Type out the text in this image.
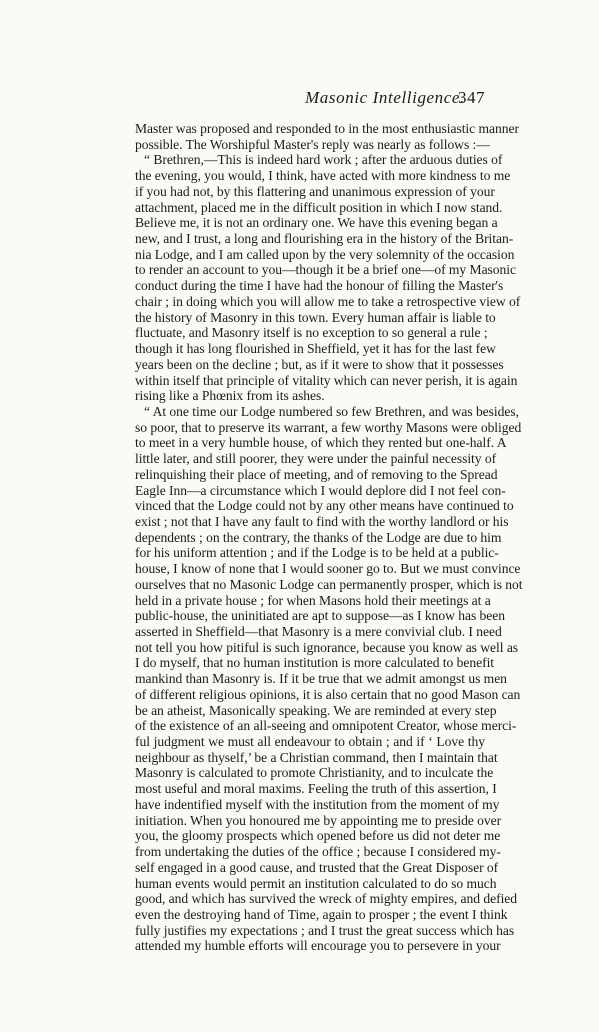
Masonic Intelligence.
347
Master was proposed and responded to in the most enthusiastic manner
possible. The Worshipful Master's reply was nearly as follows :—
“ Brethren,—This is indeed hard work ; after the arduous duties of
the evening, you would, I think, have acted with more kindness to me
if you had not, by this flattering and unanimous expression of your
attachment, placed me in the difficult position in which I now stand.
Believe me, it is not an ordinary one. We have this evening began a
new, and I trust, a long and flourishing era in the history of the Britan-
nia Lodge, and I am called upon by the very solemnity of the occasion
to render an account to you—though it be a brief one—of my Masonic
conduct during the time I have had the honour of filling the Master's
chair ; in doing which you will allow me to take a retrospective view of
the history of Masonry in this town. Every human affair is liable to
fluctuate, and Masonry itself is no exception to so general a rule ;
though it has long flourished in Sheffield, yet it has for the last few
years been on the decline ; but, as if it were to show that it possesses
within itself that principle of vitality which can never perish, it is again
rising like a Phœnix from its ashes.
“ At one time our Lodge numbered so few Brethren, and was besides,
so poor, that to preserve its warrant, a few worthy Masons were obliged
to meet in a very humble house, of which they rented but one-half. A
little later, and still poorer, they were under the painful necessity of
relinquishing their place of meeting, and of removing to the Spread
Eagle Inn—a circumstance which I would deplore did I not feel con-
vinced that the Lodge could not by any other means have continued to
exist ; not that I have any fault to find with the worthy landlord or his
dependents ; on the contrary, the thanks of the Lodge are due to him
for his uniform attention ; and if the Lodge is to be held at a public-
house, I know of none that I would sooner go to. But we must convince
ourselves that no Masonic Lodge can permanently prosper, which is not
held in a private house ; for when Masons hold their meetings at a
public-house, the uninitiated are apt to suppose—as I know has been
asserted in Sheffield—that Masonry is a mere convivial club. I need
not tell you how pitiful is such ignorance, because you know as well as
I do myself, that no human institution is more calculated to benefit
mankind than Masonry is. If it be true that we admit amongst us men
of different religious opinions, it is also certain that no good Mason can
be an atheist, Masonically speaking. We are reminded at every step
of the existence of an all-seeing and omnipotent Creator, whose merci-
ful judgment we must all endeavour to obtain ; and if ‘ Love thy
neighbour as thyself,’ be a Christian command, then I maintain that
Masonry is calculated to promote Christianity, and to inculcate the
most useful and moral maxims. Feeling the truth of this assertion, I
have indentified myself with the institution from the moment of my
initiation. When you honoured me by appointing me to preside over
you, the gloomy prospects which opened before us did not deter me
from undertaking the duties of the office ; because I considered my-
self engaged in a good cause, and trusted that the Great Disposer of
human events would permit an institution calculated to do so much
good, and which has survived the wreck of mighty empires, and defied
even the destroying hand of Time, again to prosper ; the event I think
fully justifies my expectations ; and I trust the great success which has
attended my humble efforts will encourage you to persevere in your
